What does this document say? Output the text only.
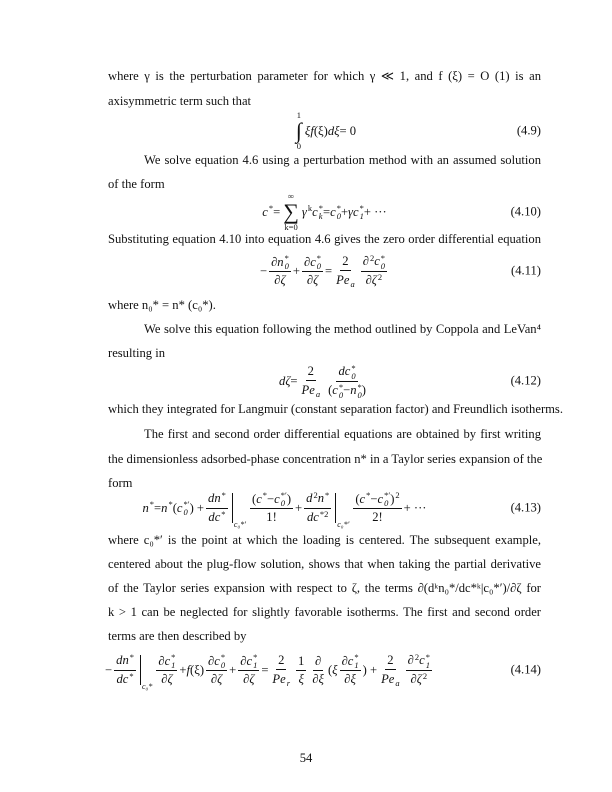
where γ is the perturbation parameter for which γ ≪ 1, and f (ξ) = O (1) is an
axisymmetric term such that
1
∫
0
ξf (ξ) dξ = 0	(4.9)
We solve equation 4.6 using a perturbation method with an assumed solution
of the form
c *
=
∞
∑
k=0
γ k
c *
k = c *
0 + γc *
1 + ···	(4.10)
Substituting equation 4.10 into equation 4.6 gives the zero order differential equation
− ∂n *
0
∂ζ + ∂c *
0
∂ζ = 2
Pe
a ∂ 2
c *
0
∂ζ 2
	(4.11)
where n₀* = n* (c₀*).
We solve this equation following the method outlined by Coppola and LeVan⁴
resulting in
dζ = 2
Pe
a dc *
0
( c *
0 − n *
0 )	(4.12)
which they integrated for Langmuir (constant separation factor) and Freundlich isotherms.
The first and second order differential equations are obtained by first writing
the dimensionless adsorbed-phase concentration n* in a Taylor series expansion of the
form
n *
= n *
( c *′
0 ) + $\frac{dn *}{dc *}$
c₀*′ ( c *
− c *′
0 )
1! + d 2
n *

dc *2
c₀*′ ( c *
− c *′
0 ) 2

2! + ···	(4.13)
where c₀*′ is the point at which the loading is centered. The subsequent example,
centered about the plug-flow solution, shows that when taking the partial derivative
of the Taylor series expansion with respect to ζ, the terms ∂(dᵏn₀*/dc*ᵏ|c₀*′)/∂ζ for
k > 1 can be neglected for slightly favorable isotherms. The first and second order
terms are then described by
− $\frac{dn *}{dc *}$
c₀* ∂c *
1
∂ζ + f (ξ) ∂c *
0
∂ζ + ∂c *
1
∂ζ = 2
Pe
r $\frac{1}{\xi} \frac{\partial}{\partial\xi}$ ( ξ ∂c *
1
∂ξ ) + 2
Pe
a ∂ 2
c *
1
∂ζ 2
	(4.14)
54
